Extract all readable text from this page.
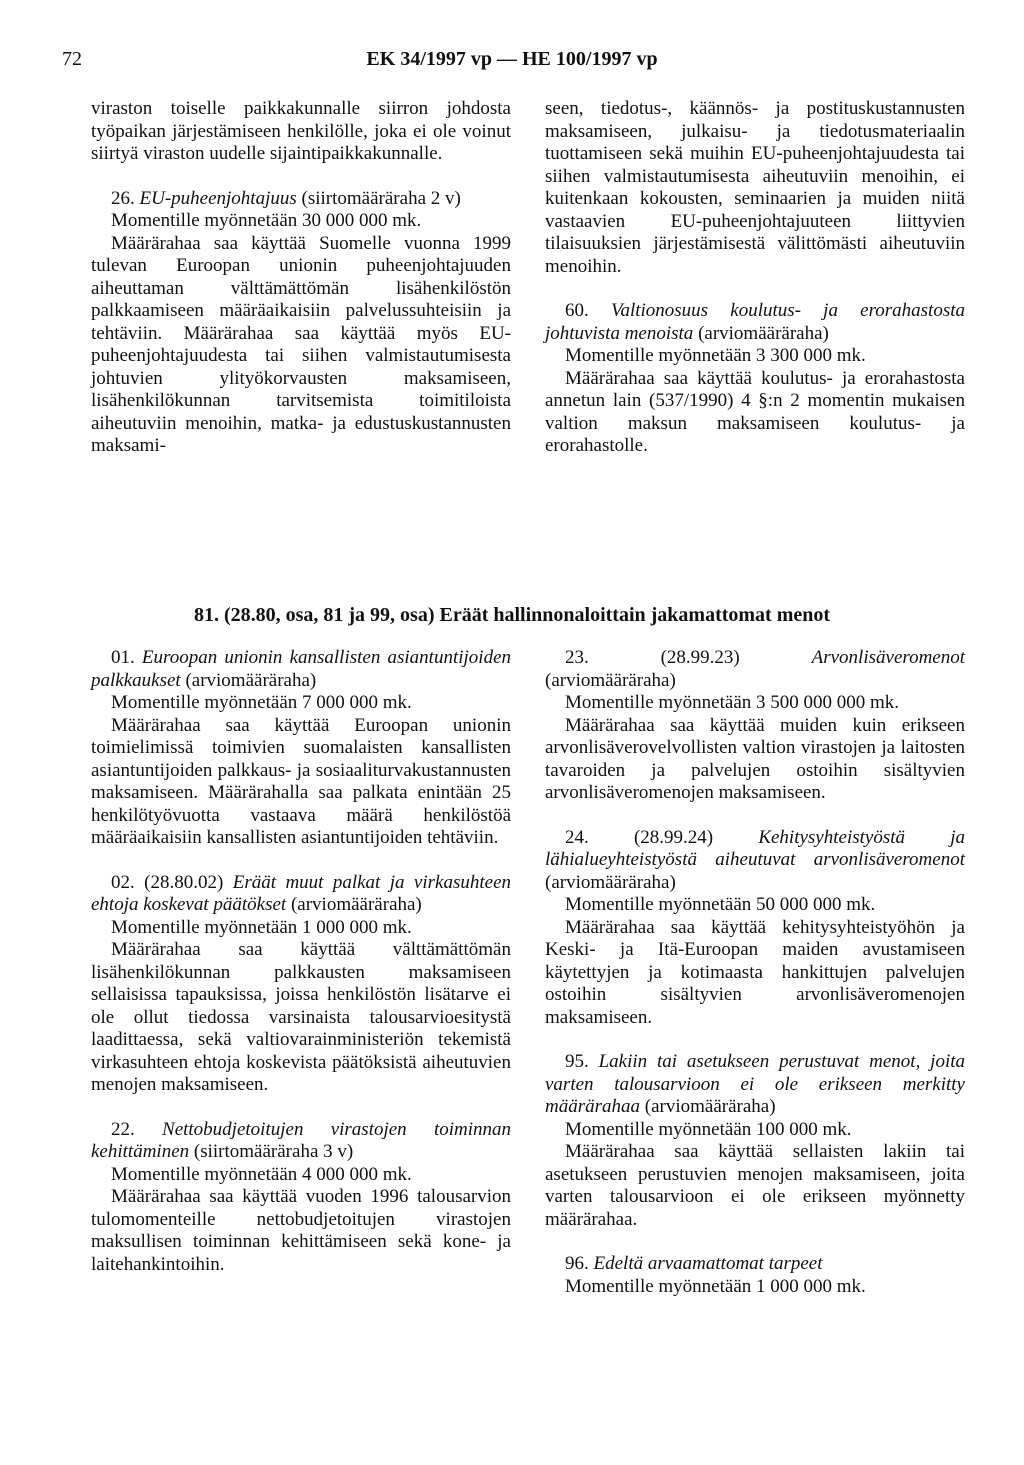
72	EK 34/1997 vp — HE 100/1997 vp

viraston toiselle paikkakunnalle siirron johdosta työpaikan järjestämiseen henkilölle, joka ei ole voinut siirtyä viraston uudelle sijaintipaikkakunnalle.

26. EU-puheenjohtajuus (siirtomääräraha 2 v)

Momentille myönnetään 30 000 000 mk.

Määrärahaa saa käyttää Suomelle vuonna 1999 tulevan Euroopan unionin puheenjohtajuuden aiheuttaman välttämättömän lisähenkilöstön palkkaamiseen määräaikaisiin palvelussuhteisiin ja tehtäviin. Määrärahaa saa käyttää myös EU-puheenjohtajuudesta tai siihen valmistautumisesta johtuvien ylityökorvausten maksamiseen, lisähenkilökunnan tarvitsemista toimitiloista aiheutuviin menoihin, matka- ja edustuskustannusten maksami-

seen, tiedotus-, käännös- ja postituskustannusten maksamiseen, julkaisu- ja tiedotusmateriaalin tuottamiseen sekä muihin EU-puheenjohtajuudesta tai siihen valmistautumisesta aiheutuviin menoihin, ei kuitenkaan kokousten, seminaarien ja muiden niitä vastaavien EU-puheenjohtajuuteen liittyvien tilaisuuksien järjestämisestä välittömästi aiheutuviin menoihin.

60. Valtionosuus koulutus- ja erorahastosta johtuvista menoista (arviomääräraha)

Momentille myönnetään 3 300 000 mk.

Määrärahaa saa käyttää koulutus- ja erorahastosta annetun lain (537/1990) 4 §:n 2 momentin mukaisen valtion maksun maksamiseen koulutus- ja erorahastolle.

81. (28.80, osa, 81 ja 99, osa) Eräät hallinnonaloittain jakamattomat menot

01. Euroopan unionin kansallisten asiantuntijoiden palkkaukset (arviomääräraha)

Momentille myönnetään 7 000 000 mk.

Määrärahaa saa käyttää Euroopan unionin toimielimissä toimivien suomalaisten kansallisten asiantuntijoiden palkkaus- ja sosiaaliturvakustannusten maksamiseen. Määrärahalla saa palkata enintään 25 henkilötyövuotta vastaava määrä henkilöstöä määräaikaisiin kansallisten asiantuntijoiden tehtäviin.

02. (28.80.02) Eräät muut palkat ja virkasuhteen ehtoja koskevat päätökset (arviomääräraha)

Momentille myönnetään 1 000 000 mk.

Määrärahaa saa käyttää välttämättömän lisähenkilökunnan palkkausten maksamiseen sellaisissa tapauksissa, joissa henkilöstön lisätarve ei ole ollut tiedossa varsinaista talousarvioesitystä laadittaessa, sekä valtiovarainministeriön tekemistä virkasuhteen ehtoja koskevista päätöksistä aiheutuvien menojen maksamiseen.

22. Nettobudjetoitujen virastojen toiminnan kehittäminen (siirtomääräraha 3 v)

Momentille myönnetään 4 000 000 mk.

Määrärahaa saa käyttää vuoden 1996 talousarvion tulomomenteille nettobudjetoitujen virastojen maksullisen toiminnan kehittämiseen sekä kone- ja laitehankintoihin.

23. (28.99.23)	Arvonlisäveromenot (arviomääräraha)

Momentille myönnetään 3 500 000 000 mk.

Määrärahaa saa käyttää muiden kuin erikseen arvonlisäverovelvollisten valtion virastojen ja laitosten tavaroiden ja palvelujen ostoihin sisältyvien arvonlisäveromenojen maksamiseen.

24. (28.99.24) Kehitysyhteistyöstä ja lähialueyhteistyöstä aiheutuvat arvonlisäveromenot (arviomääräraha)

Momentille myönnetään 50 000 000 mk.

Määrärahaa saa käyttää kehitysyhteistyöhön ja Keski- ja Itä-Euroopan maiden avustamiseen käytettyjen ja kotimaasta hankittujen palvelujen ostoihin sisältyvien arvonlisäveromenojen maksamiseen.

95. Lakiin tai asetukseen perustuvat menot, joita varten talousarvioon ei ole erikseen merkitty määrärahaa (arviomääräraha)

Momentille myönnetään 100 000 mk.

Määrärahaa saa käyttää sellaisten lakiin tai asetukseen perustuvien menojen maksamiseen, joita varten talousarvioon ei ole erikseen myönnetty määrärahaa.

96. Edeltä arvaamattomat tarpeet

Momentille myönnetään 1 000 000 mk.
